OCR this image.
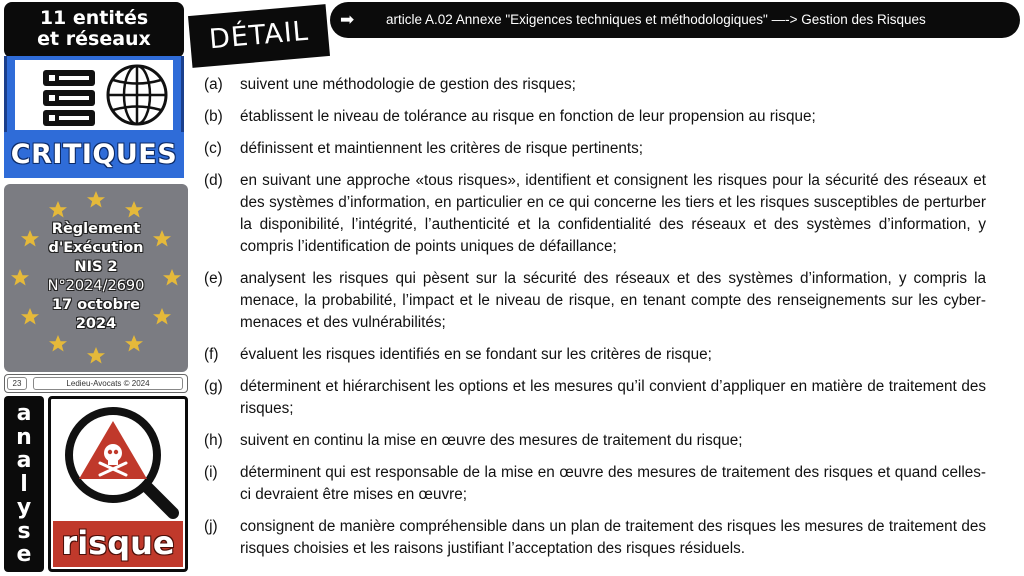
11 entités
et réseaux
CRITIQUES
Règlement
d'Exécution
NIS 2
N°2024/2690
17 octobre
2024
23	Ledieu-Avocats © 2024
a
n
a
l
y
s
e risque
DÉTAIL	➡ article A.02 Annexe "Exigences techniques et méthodologiques" —-> Gestion des Risques
(a) suivent une méthodologie de gestion des risques;
(b) établissent le niveau de tolérance au risque en fonction de leur propension au risque;
(c) définissent et maintiennent les critères de risque pertinents;
(d) en suivant une approche «tous risques», identifient et consignent les risques pour la sécurité des réseaux et des systèmes d’information, en particulier en ce qui concerne les tiers et les risques susceptibles de perturber la disponibilité, l’intégrité, l’authenticité et la confidentialité des réseaux et des systèmes d’information, y compris l’identification de points uniques de défaillance;
(e) analysent les risques qui pèsent sur la sécurité des réseaux et des systèmes d’information, y compris la menace, la probabilité, l’impact et le niveau de risque, en tenant compte des renseignements sur les cyber-menaces et des vulnérabilités;
(f) évaluent les risques identifiés en se fondant sur les critères de risque;
(g) déterminent et hiérarchisent les options et les mesures qu’il convient d’appliquer en matière de traitement des risques;
(h) suivent en continu la mise en œuvre des mesures de traitement du risque;
(i) déterminent qui est responsable de la mise en œuvre des mesures de traitement des risques et quand celles-ci devraient être mises en œuvre;
(j) consignent de manière compréhensible dans un plan de traitement des risques les mesures de traitement des risques choisies et les raisons justifiant l’acceptation des risques résiduels.
